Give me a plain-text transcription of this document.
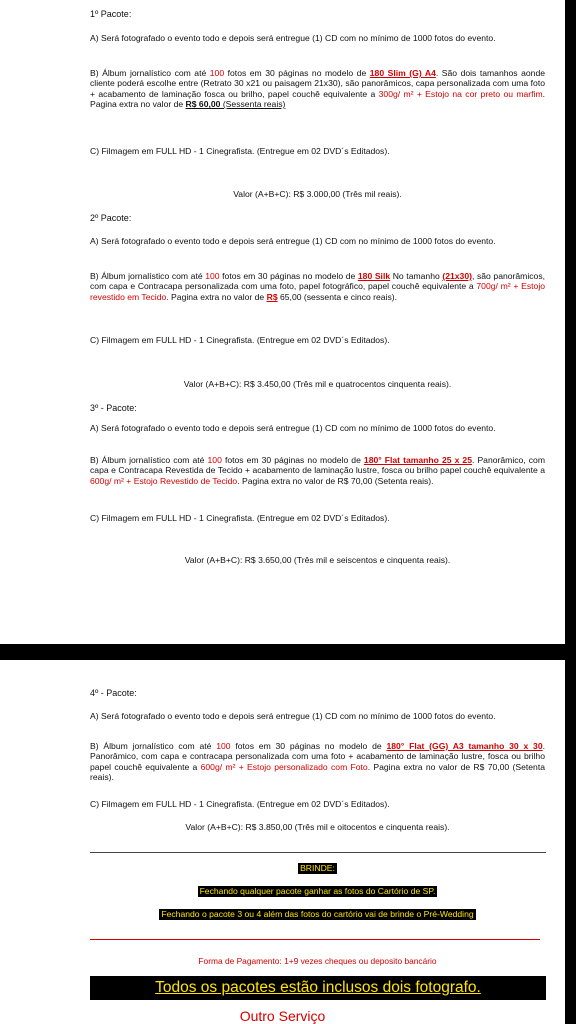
1º Pacote:
A) Será fotografado o evento todo e depois será entregue (1) CD com no mínimo de 1000 fotos do evento.
B) Álbum jornalístico com até 100 fotos em 30 páginas no modelo de 180 Slim (G) A4. São dois tamanhos aonde cliente poderá escolhe entre (Retrato 30 x21 ou paisagem 21x30), são panorâmicos, capa personalizada com uma foto + acabamento de laminação fosca ou brilho, papel couchê equivalente a 300g/ m² + Estojo na cor preto ou marfim. Pagina extra no valor de R$ 60,00 (Sessenta reais)
C) Filmagem em FULL HD - 1 Cinegrafista. (Entregue em 02 DVD´s Editados).
Valor (A+B+C): R$ 3.000,00 (Três mil reais).
2º Pacote:
A) Será fotografado o evento todo e depois será entregue (1) CD com no mínimo de 1000 fotos do evento.
B) Álbum jornalístico com até 100 fotos em 30 páginas no modelo de 180 Silk No tamanho (21x30), são panorâmicos, com capa e Contracapa personalizada com uma foto, papel fotográfico, papel couchê equivalente a 700g/ m² + Estojo revestido em Tecido. Pagina extra no valor de R$ 65,00 (sessenta e cinco reais).
C) Filmagem em FULL HD - 1 Cinegrafista. (Entregue em 02 DVD´s Editados).
Valor (A+B+C): R$ 3.450,00 (Três mil e quatrocentos cinquenta reais).
3º - Pacote:
A) Será fotografado o evento todo e depois será entregue (1) CD com no mínimo de 1000 fotos do evento.
B) Álbum jornalístico com até 100 fotos em 30 páginas no modelo de 180° Flat tamanho 25 x 25. Panorâmico, com capa e Contracapa Revestida de Tecido + acabamento de laminação lustre, fosca ou brilho papel couchê equivalente a 600g/ m² + Estojo Revestido de Tecido. Pagina extra no valor de R$ 70,00 (Setenta reais).
C) Filmagem em FULL HD - 1 Cinegrafista. (Entregue em 02 DVD´s Editados).
Valor (A+B+C): R$ 3.650,00 (Três mil e seiscentos e cinquenta reais).
4º - Pacote:
A) Será fotografado o evento todo e depois será entregue (1) CD com no mínimo de 1000 fotos do evento.
B) Álbum jornalístico com até 100 fotos em 30 páginas no modelo de 180° Flat (GG) A3 tamanho 30 x 30. Panorâmico, com capa e contracapa personalizada com uma foto + acabamento de laminação lustre, fosca ou brilho papel couchê equivalente a 600g/ m² + Estojo personalizado com Foto. Pagina extra no valor de R$ 70,00 (Setenta reais).
C) Filmagem em FULL HD - 1 Cinegrafista. (Entregue em 02 DVD´s Editados).
Valor (A+B+C): R$ 3.850,00 (Três mil e oitocentos e cinquenta reais).
BRINDE:
Fechando qualquer pacote ganhar as fotos do Cartório de SP.
Fechando o pacote 3 ou 4 além das fotos do cartório vai de brinde o Pré-Wedding
Forma de Pagamento: 1+9 vezes cheques ou deposito bancário
Todos os pacotes estão inclusos dois fotografo.
Outro Serviço
